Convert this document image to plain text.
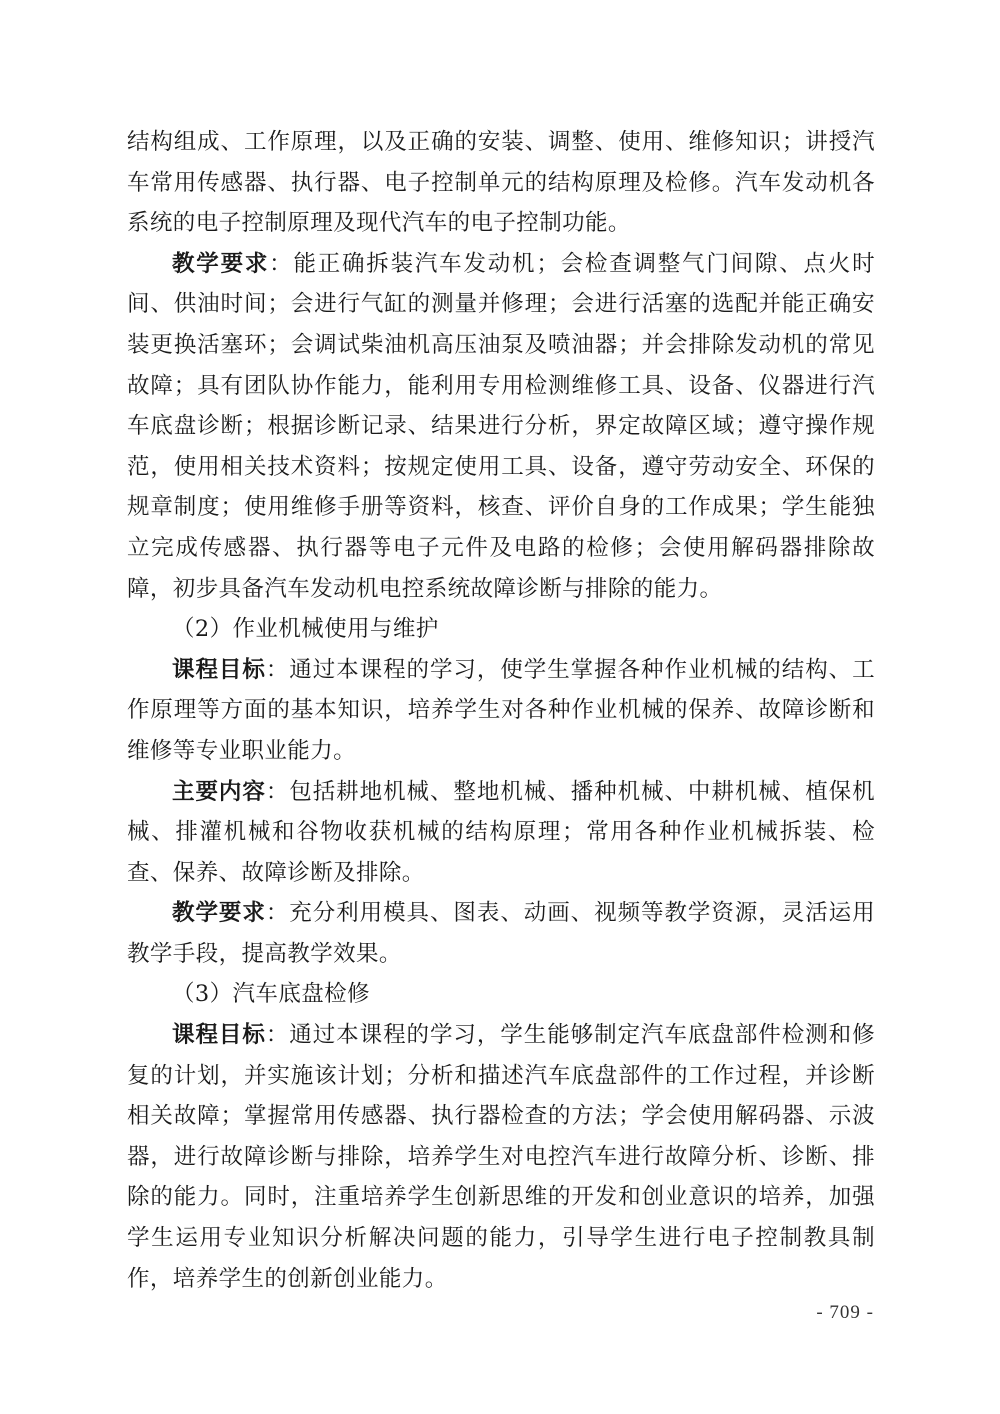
结构组成、工作原理，以及正确的安装、调整、使用、维修知识；讲授汽车常用传感器、执行器、电子控制单元的结构原理及检修。汽车发动机各系统的电子控制原理及现代汽车的电子控制功能。

教学要求：能正确拆装汽车发动机；会检查调整气门间隙、点火时间、供油时间；会进行气缸的测量并修理；会进行活塞的选配并能正确安装更换活塞环；会调试柴油机高压油泵及喷油器；并会排除发动机的常见故障；具有团队协作能力，能利用专用检测维修工具、设备、仪器进行汽车底盘诊断；根据诊断记录、结果进行分析，界定故障区域；遵守操作规范，使用相关技术资料；按规定使用工具、设备，遵守劳动安全、环保的规章制度；使用维修手册等资料，核查、评价自身的工作成果；学生能独立完成传感器、执行器等电子元件及电路的检修；会使用解码器排除故障，初步具备汽车发动机电控系统故障诊断与排除的能力。

（2）作业机械使用与维护

课程目标：通过本课程的学习，使学生掌握各种作业机械的结构、工作原理等方面的基本知识，培养学生对各种作业机械的保养、故障诊断和维修等专业职业能力。

主要内容：包括耕地机械、整地机械、播种机械、中耕机械、植保机械、排灌机械和谷物收获机械的结构原理；常用各种作业机械拆装、检查、保养、故障诊断及排除。

教学要求：充分利用模具、图表、动画、视频等教学资源，灵活运用教学手段，提高教学效果。

（3）汽车底盘检修

课程目标：通过本课程的学习，学生能够制定汽车底盘部件检测和修复的计划，并实施该计划；分析和描述汽车底盘部件的工作过程，并诊断相关故障；掌握常用传感器、执行器检查的方法；学会使用解码器、示波器，进行故障诊断与排除，培养学生对电控汽车进行故障分析、诊断、排除的能力。同时，注重培养学生创新思维的开发和创业意识的培养，加强学生运用专业知识分析解决问题的能力，引导学生进行电子控制教具制作，培养学生的创新创业能力。

- 709 -
